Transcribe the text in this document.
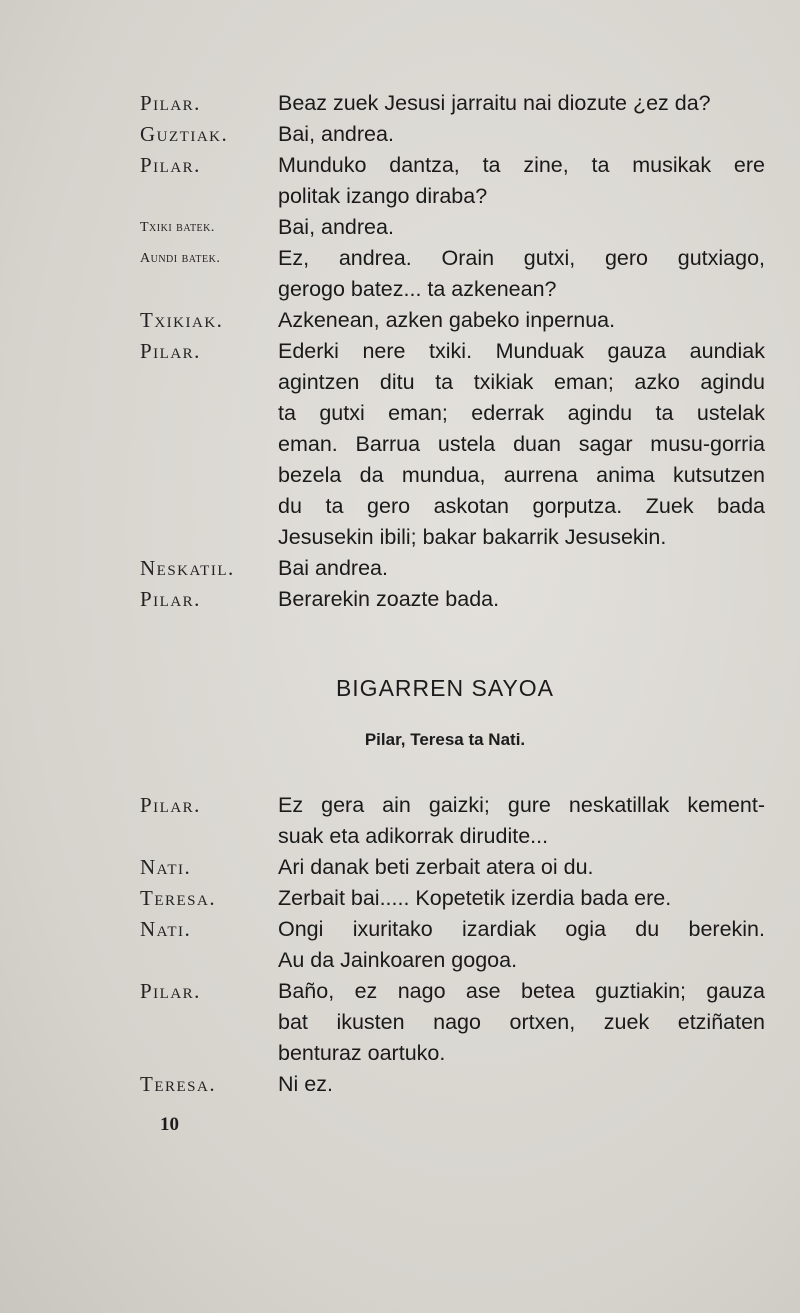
Pilar.	Beaz zuek Jesusi jarraitu nai diozute ¿ez da?
Guztiak.	Bai, andrea.
Pilar.	Munduko dantza, ta zine, ta musikak ere
politak izango diraba?
Txiki batek.	Bai, andrea.
Aundi batek.	Ez, andrea. Orain gutxi, gero gutxiago,
gerogo batez... ta azkenean?
Txikiak.	Azkenean, azken gabeko inpernua.
Pilar.	Ederki nere txiki. Munduak gauza aundiak
agintzen ditu ta txikiak eman; azko agindu
ta gutxi eman; ederrak agindu ta ustelak
eman. Barrua ustela duan sagar musu-gorria
bezela da mundua, aurrena anima kutsutzen
du ta gero askotan gorputza. Zuek bada
Jesusekin ibili; bakar bakarrik Jesusekin.
Neskatil.	Bai andrea.
Pilar.	Berarekin zoazte bada.
BIGARREN SAYOA
Pilar, Teresa ta Nati.
Pilar.	Ez gera ain gaizki; gure neskatillak kement-
suak eta adikorrak dirudite...
Nati.	Ari danak beti zerbait atera oi du.
Teresa.	Zerbait bai..... Kopetetik izerdia bada ere.
Nati.	Ongi ixuritako izardiak ogia du berekin.
Au da Jainkoaren gogoa.
Pilar.	Baño, ez nago ase betea guztiakin; gauza
bat ikusten nago ortxen, zuek etziñaten
benturaz oartuko.
Teresa.	Ni ez.
10
